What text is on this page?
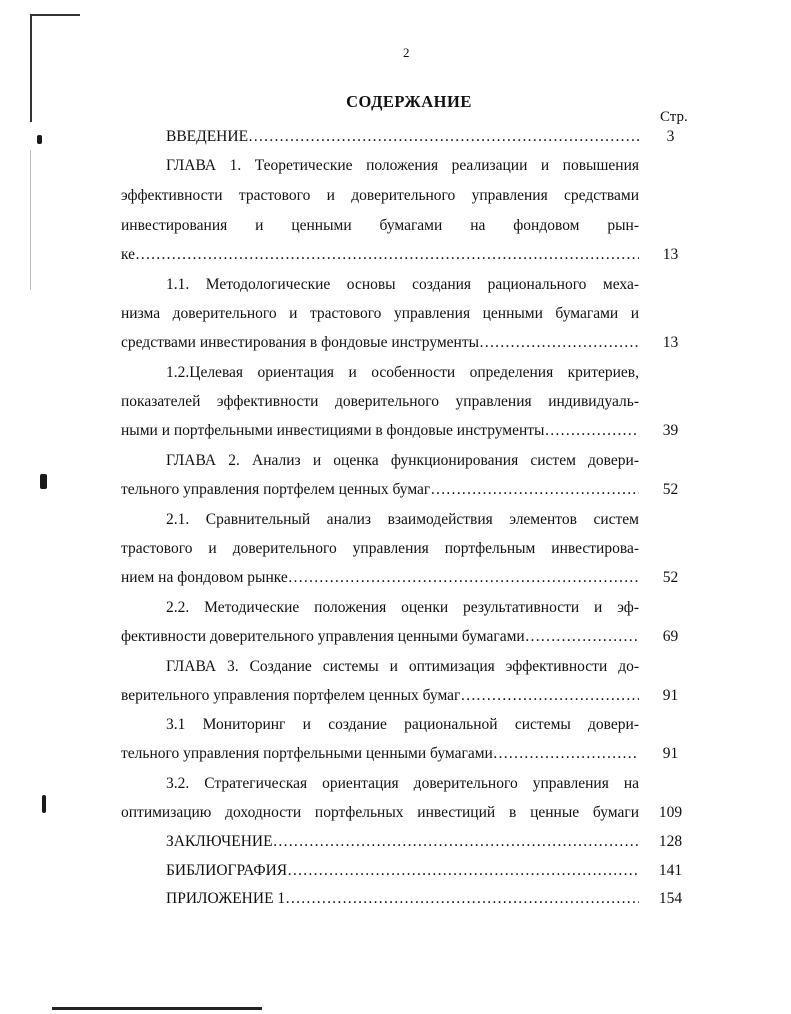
2
СОДЕРЖАНИЕ
Стр.
ВВЕДЕНИЕ ……………………………………………………………………………………………………………………………………………	3
ГЛАВА 1. Теоретические положения реализации и повышения
эффективности трастового и доверительного управления средствами
инвестирования и ценными бумагами на фондовом рын-
ке ……………………………………………………………………………………………………………………………………………	13
1.1. Методологические основы создания рационального меха-
низма доверительного и трастового управления ценными бумагами и
средствами инвестирования в фондовые инструменты ……………………………………………………………………………………………………………………………………………	13
1.2.Целевая ориентация и особенности определения критериев,
показателей эффективности доверительного управления индивидуаль-
ными и портфельными инвестициями в фондовые инструменты ……………………………………………………………………………………………………………………………………………	39
ГЛАВА 2. Анализ и оценка функционирования систем довери-
тельного управления портфелем ценных бумаг ……………………………………………………………………………………………………………………………………………	52
2.1. Сравнительный анализ взаимодействия элементов систем
трастового и доверительного управления портфельным инвестирова-
нием на фондовом рынке ……………………………………………………………………………………………………………………………………………	52
2.2. Методические положения оценки результативности и эф-
фективности доверительного управления ценными бумагами ……………………………………………………………………………………………………………………………………………	69
ГЛАВА 3. Создание системы и оптимизация эффективности до-
верительного управления портфелем ценных бумаг ……………………………………………………………………………………………………………………………………………	91
3.1 Мониторинг и создание рациональной системы довери-
тельного управления портфельными ценными бумагами ……………………………………………………………………………………………………………………………………………	91
3.2. Стратегическая ориентация доверительного управления на
оптимизацию доходности портфельных инвестиций в ценные бумаги	109
ЗАКЛЮЧЕНИЕ ……………………………………………………………………………………………………………………………………………	128
БИБЛИОГРАФИЯ ……………………………………………………………………………………………………………………………………………	141
ПРИЛОЖЕНИЕ 1 ……………………………………………………………………………………………………………………………………………	154
